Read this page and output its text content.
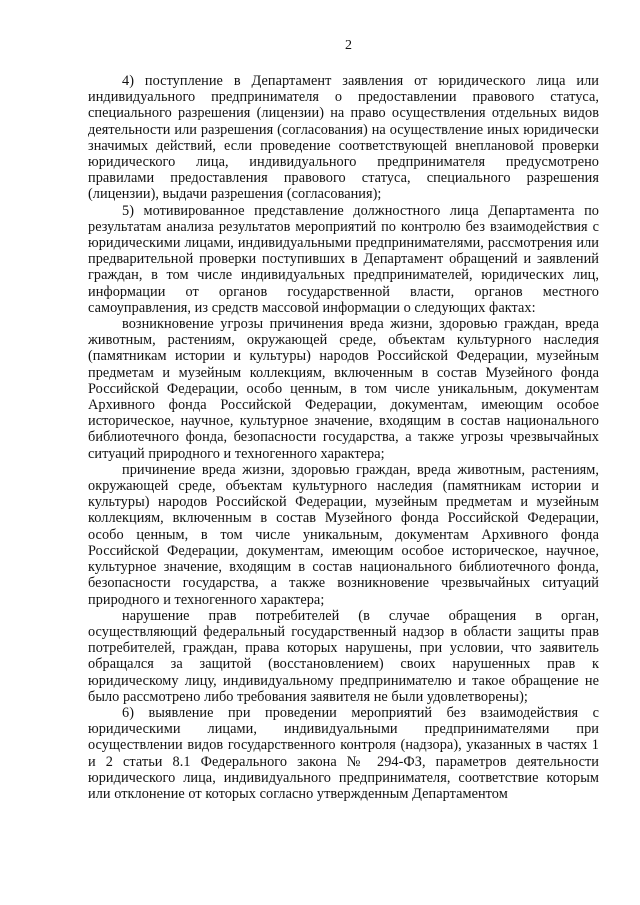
2

4) поступление в Департамент заявления от юридического лица или индивидуального предпринимателя о предоставлении правового статуса, специального разрешения (лицензии) на право осуществления отдельных видов деятельности или разрешения (согласования) на осуществление иных юридически значимых действий, если проведение соответствующей внеплановой проверки юридического лица, индивидуального предпринимателя предусмотрено правилами предоставления правового статуса, специального разрешения (лицензии), выдачи разрешения (согласования);

5) мотивированное представление должностного лица Департамента по результатам анализа результатов мероприятий по контролю без взаимодействия с юридическими лицами, индивидуальными предпринимателями, рассмотрения или предварительной проверки поступивших в Департамент обращений и заявлений граждан, в том числе индивидуальных предпринимателей, юридических лиц, информации от органов государственной власти, органов местного самоуправления, из средств массовой информации о следующих фактах:

возникновение угрозы причинения вреда жизни, здоровью граждан, вреда животным, растениям, окружающей среде, объектам культурного наследия (памятникам истории и культуры) народов Российской Федерации, музейным предметам и музейным коллекциям, включенным в состав Музейного фонда Российской Федерации, особо ценным, в том числе уникальным, документам Архивного фонда Российской Федерации, документам, имеющим особое историческое, научное, культурное значение, входящим в состав национального библиотечного фонда, безопасности государства, а также угрозы чрезвычайных ситуаций природного и техногенного характера;

причинение вреда жизни, здоровью граждан, вреда животным, растениям, окружающей среде, объектам культурного наследия (памятникам истории и культуры) народов Российской Федерации, музейным предметам и музейным коллекциям, включенным в состав Музейного фонда Российской Федерации, особо ценным, в том числе уникальным, документам Архивного фонда Российской Федерации, документам, имеющим особое историческое, научное, культурное значение, входящим в состав национального библиотечного фонда, безопасности государства, а также возникновение чрезвычайных ситуаций природного и техногенного характера;

нарушение прав потребителей (в случае обращения в орган, осуществляющий федеральный государственный надзор в области защиты прав потребителей, граждан, права которых нарушены, при условии, что заявитель обращался за защитой (восстановлением) своих нарушенных прав к юридическому лицу, индивидуальному предпринимателю и такое обращение не было рассмотрено либо требования заявителя не были удовлетворены);

6) выявление при проведении мероприятий без взаимодействия с юридическими лицами, индивидуальными предпринимателями при осуществлении видов государственного контроля (надзора), указанных в частях 1 и 2 статьи 8.1 Федерального закона № 294-ФЗ, параметров деятельности юридического лица, индивидуального предпринимателя, соответствие которым или отклонение от которых согласно утвержденным Департаментом
